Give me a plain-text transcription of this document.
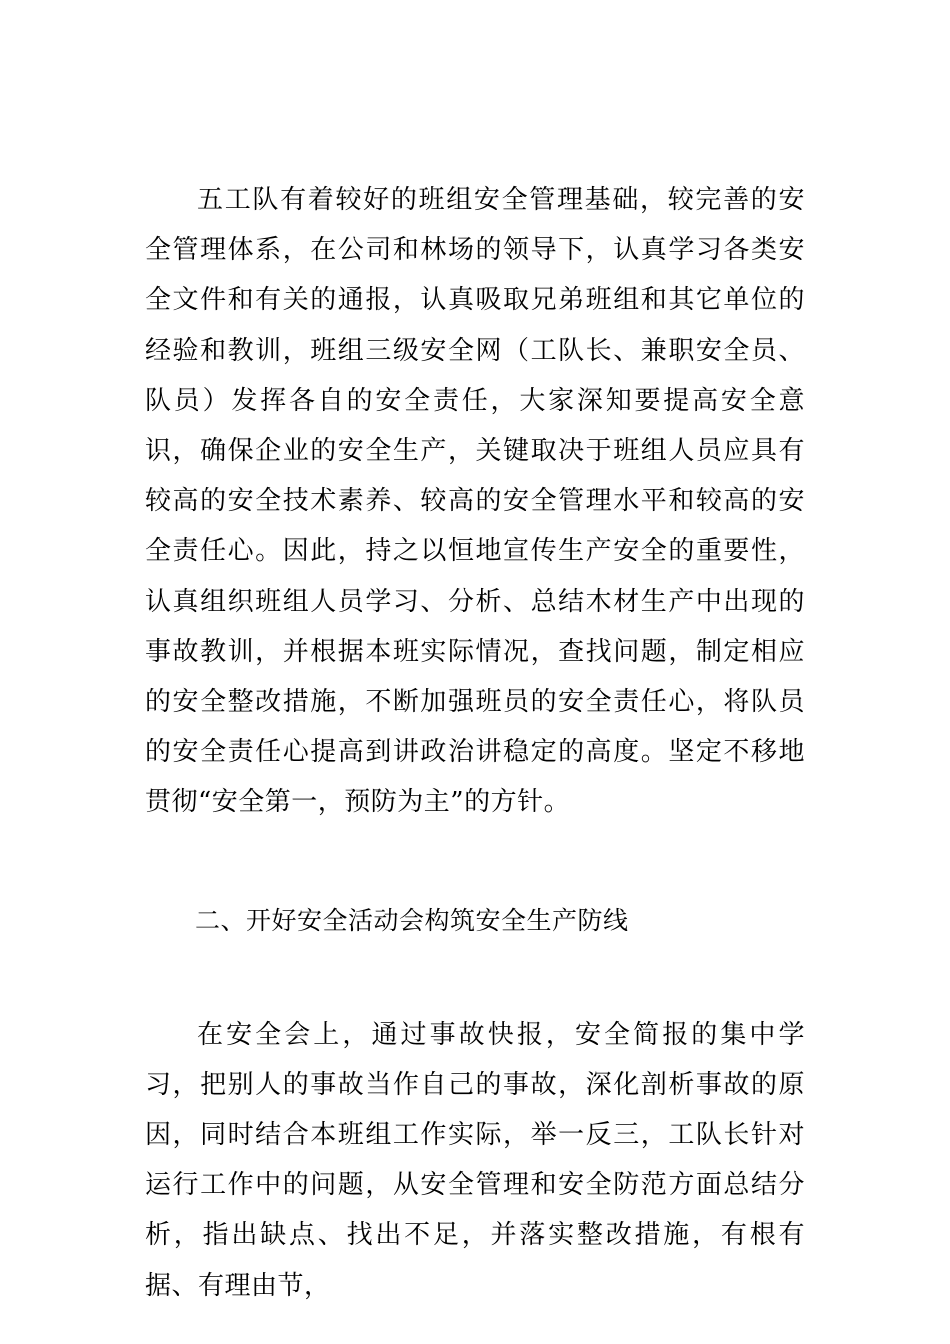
五工队有着较好的班组安全管理基础，较完善的安全管理体系，在公司和林场的领导下，认真学习各类安全文件和有关的通报，认真吸取兄弟班组和其它单位的经验和教训，班组三级安全网（工队长、兼职安全员、队员）发挥各自的安全责任，大家深知要提高安全意识，确保企业的安全生产，关键取决于班组人员应具有较高的安全技术素养、较高的安全管理水平和较高的安全责任心。因此，持之以恒地宣传生产安全的重要性，认真组织班组人员学习、分析、总结木材生产中出现的事故教训，并根据本班实际情况，查找问题，制定相应的安全整改措施，不断加强班员的安全责任心，将队员的安全责任心提高到讲政治讲稳定的高度。坚定不移地贯彻“安全第一，预防为主”的方针。

二、开好安全活动会构筑安全生产防线

在安全会上，通过事故快报，安全简报的集中学习，把别人的事故当作自己的事故，深化剖析事故的原因，同时结合本班组工作实际，举一反三，工队长针对运行工作中的问题，从安全管理和安全防范方面总结分析，指出缺点、找出不足，并落实整改措施，有根有据、有理由节，
